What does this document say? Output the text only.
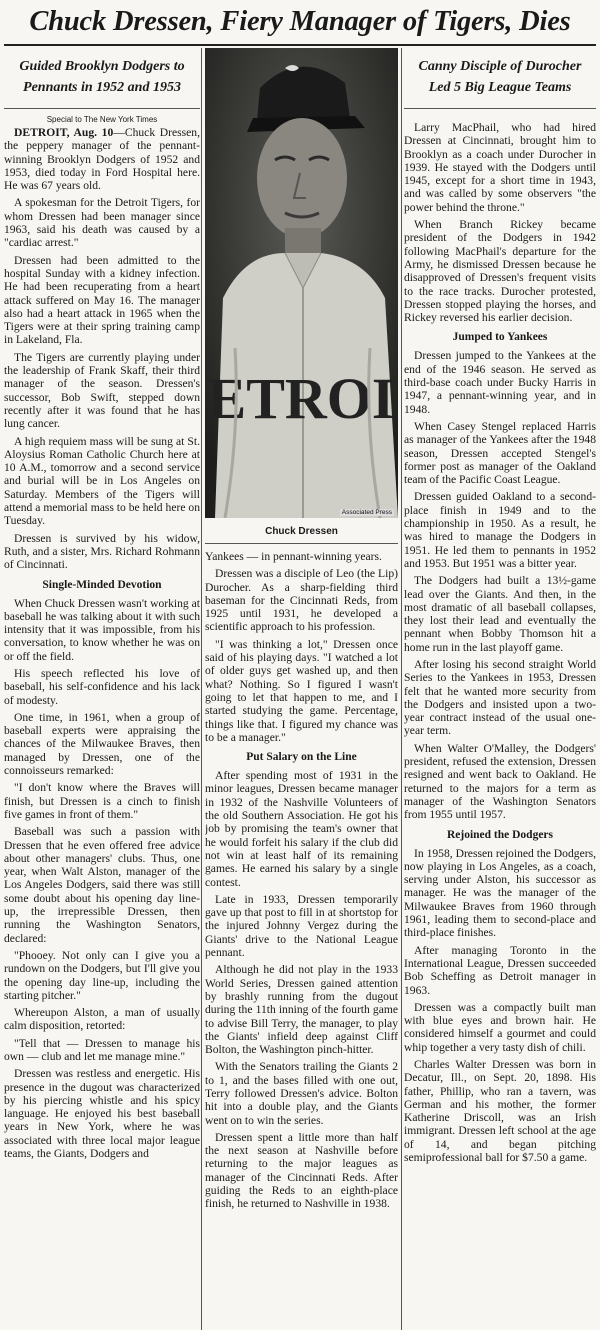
Chuck Dressen, Fiery Manager of Tigers, Dies
Guided Brooklyn Dodgers to
Pennants in 1952 and 1953
Special to The New York Times

DETROIT, Aug. 10—Chuck Dressen, the peppery manager of the pennant-winning Brooklyn Dodgers of 1952 and 1953, died today in Ford Hospital here. He was 67 years old.

A spokesman for the Detroit Tigers, for whom Dressen had been manager since 1963, said his death was caused by a "cardiac arrest."

Dressen had been admitted to the hospital Sunday with a kidney infection. He had been recuperating from a heart attack suffered on May 16. The manager also had a heart attack in 1965 when the Tigers were at their spring training camp in Lakeland, Fla.

The Tigers are currently playing under the leadership of Frank Skaff, their third manager of the season. Dressen's successor, Bob Swift, stepped down recently after it was found that he has lung cancer.

A high requiem mass will be sung at St. Aloysius Roman Catholic Church here at 10 A.M., tomorrow and a second service and burial will be in Los Angeles on Saturday. Members of the Tigers will attend a memorial mass to be held here on Tuesday.

Dressen is survived by his widow, Ruth, and a sister, Mrs. Richard Rohmann of Cincinnati.

Single-Minded Devotion

When Chuck Dressen wasn't working at baseball he was talking about it with such intensity that it was impossible, from his conversation, to know whether he was on or off the field.

His speech reflected his love of baseball, his self-confidence and his lack of modesty.

One time, in 1961, when a group of baseball experts were appraising the chances of the Milwaukee Braves, then managed by Dressen, one of the connoisseurs remarked:

"I don't know where the Braves will finish, but Dressen is a cinch to finish five games in front of them."

Baseball was such a passion with Dressen that he even offered free advice about other managers' clubs. Thus, one year, when Walt Alston, manager of the Los Angeles Dodgers, said there was still some doubt about his opening day line-up, the irrepressible Dressen, then running the Washington Senators, declared:

"Phooey. Not only can I give you a rundown on the Dodgers, but I'll give you the opening day line-up, including the starting pitcher."

Whereupon Alston, a man of usually calm disposition, retorted:

"Tell that — Dressen to manage his own — club and let me manage mine."

Dressen was restless and energetic. His presence in the dugout was characterized by his piercing whistle and his spicy language. He enjoyed his best baseball years in New York, where he was associated with three local major league teams, the Giants, Dodgers and

ETROI
Associated Press
Chuck Dressen

Yankees — in pennant-winning years.

Dressen was a disciple of Leo (the Lip) Durocher. As a sharp-fielding third baseman for the Cincinnati Reds, from 1925 until 1931, he developed a scientific approach to his profession.

"I was thinking a lot," Dressen once said of his playing days. "I watched a lot of older guys get washed up, and then what? Nothing. So I figured I wasn't going to let that happen to me, and I started studying the game. Percentage, things like that. I figured my chance was to be a manager."

Put Salary on the Line

After spending most of 1931 in the minor leagues, Dressen became manager in 1932 of the Nashville Volunteers of the old Southern Association. He got his job by promising the team's owner that he would forfeit his salary if the club did not win at least half of its remaining games. He earned his salary by a single contest.

Late in 1933, Dressen temporarily gave up that post to fill in at shortstop for the injured Johnny Vergez during the Giants' drive to the National League pennant.

Although he did not play in the 1933 World Series, Dressen gained attention by brashly running from the dugout during the 11th inning of the fourth game to advise Bill Terry, the manager, to play the Giants' infield deep against Cliff Bolton, the Washington pinch-hitter.

With the Senators trailing the Giants 2 to 1, and the bases filled with one out, Terry followed Dressen's advice. Bolton hit into a double play, and the Giants went on to win the series.

Dressen spent a little more than half the next season at Nashville before returning to the major leagues as manager of the Cincinnati Reds. After guiding the Reds to an eighth-place finish, he returned to Nashville in 1938.

Canny Disciple of Durocher
Led 5 Big League Teams

Larry MacPhail, who had hired Dressen at Cincinnati, brought him to Brooklyn as a coach under Durocher in 1939. He stayed with the Dodgers until 1945, except for a short time in 1943, and was called by some observers "the power behind the throne."

When Branch Rickey became president of the Dodgers in 1942 following MacPhail's departure for the Army, he dismissed Dressen because he disapproved of Dressen's frequent visits to the race tracks. Durocher protested, Dressen stopped playing the horses, and Rickey reversed his earlier decision.

Jumped to Yankees

Dressen jumped to the Yankees at the end of the 1946 season. He served as third-base coach under Bucky Harris in 1947, a pennant-winning year, and in 1948.

When Casey Stengel replaced Harris as manager of the Yankees after the 1948 season, Dressen accepted Stengel's former post as manager of the Oakland team of the Pacific Coast League.

Dressen guided Oakland to a second-place finish in 1949 and to the championship in 1950. As a result, he was hired to manage the Dodgers in 1951. He led them to pennants in 1952 and 1953. But 1951 was a bitter year.

The Dodgers had built a 13½-game lead over the Giants. And then, in the most dramatic of all baseball collapses, they lost their lead and eventually the pennant when Bobby Thomson hit a home run in the last playoff game.

After losing his second straight World Series to the Yankees in 1953, Dressen felt that he wanted more security from the Dodgers and insisted upon a two-year contract instead of the usual one-year term.

When Walter O'Malley, the Dodgers' president, refused the extension, Dressen resigned and went back to Oakland. He returned to the majors for a term as manager of the Washington Senators from 1955 until 1957.

Rejoined the Dodgers

In 1958, Dressen rejoined the Dodgers, now playing in Los Angeles, as a coach, serving under Alston, his successor as manager. He was the manager of the Milwaukee Braves from 1960 through 1961, leading them to second-place and third-place finishes.

After managing Toronto in the International League, Dressen succeeded Bob Scheffing as Detroit manager in 1963.

Dressen was a compactly built man with blue eyes and brown hair. He considered himself a gourmet and could whip together a very tasty dish of chili.

Charles Walter Dressen was born in Decatur, Ill., on Sept. 20, 1898. His father, Phillip, who ran a tavern, was German and his mother, the former Katherine Driscoll, was an Irish immigrant. Dressen left school at the age of 14, and began pitching semiprofessional ball for $7.50 a game.
